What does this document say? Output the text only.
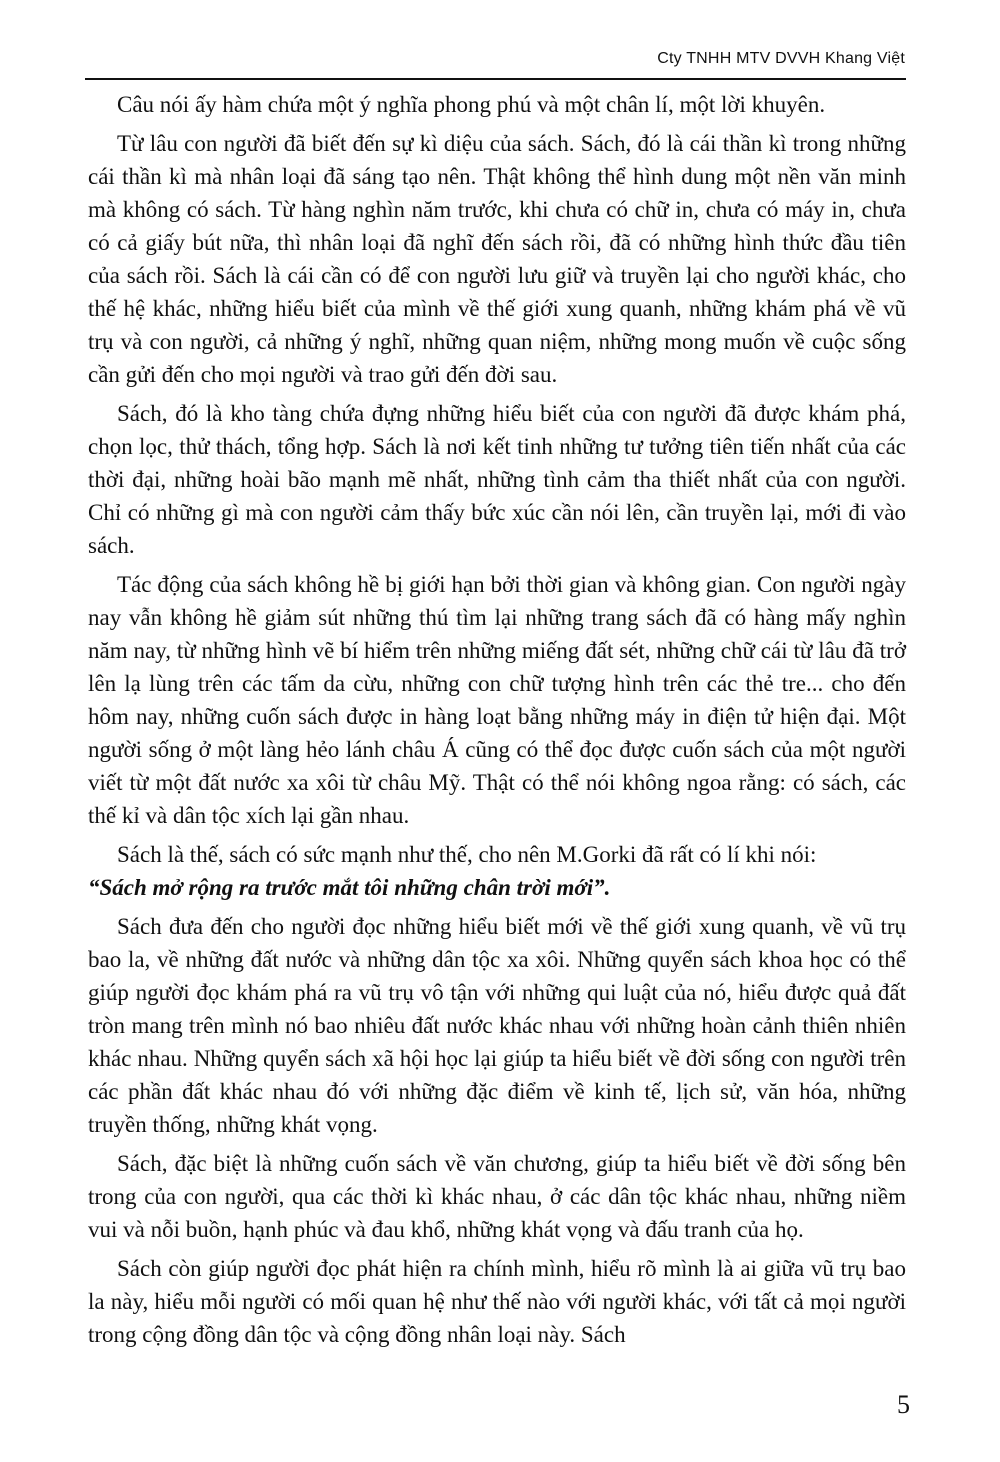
Cty TNHH MTV DVVH Khang Việt

Câu nói ấy hàm chứa một ý nghĩa phong phú và một chân lí, một lời khuyên.

Từ lâu con người đã biết đến sự kì diệu của sách. Sách, đó là cái thần kì trong những cái thần kì mà nhân loại đã sáng tạo nên. Thật không thể hình dung một nền văn minh mà không có sách. Từ hàng nghìn năm trước, khi chưa có chữ in, chưa có máy in, chưa có cả giấy bút nữa, thì nhân loại đã nghĩ đến sách rồi, đã có những hình thức đầu tiên của sách rồi. Sách là cái cần có để con người lưu giữ và truyền lại cho người khác, cho thế hệ khác, những hiểu biết của mình về thế giới xung quanh, những khám phá về vũ trụ và con người, cả những ý nghĩ, những quan niệm, những mong muốn về cuộc sống cần gửi đến cho mọi người và trao gửi đến đời sau.

Sách, đó là kho tàng chứa đựng những hiểu biết của con người đã được khám phá, chọn lọc, thử thách, tổng hợp. Sách là nơi kết tinh những tư tưởng tiên tiến nhất của các thời đại, những hoài bão mạnh mẽ nhất, những tình cảm tha thiết nhất của con người. Chỉ có những gì mà con người cảm thấy bức xúc cần nói lên, cần truyền lại, mới đi vào sách.

Tác động của sách không hề bị giới hạn bởi thời gian và không gian. Con người ngày nay vẫn không hề giảm sút những thú tìm lại những trang sách đã có hàng mấy nghìn năm nay, từ những hình vẽ bí hiểm trên những miếng đất sét, những chữ cái từ lâu đã trở lên lạ lùng trên các tấm da cừu, những con chữ tượng hình trên các thẻ tre... cho đến hôm nay, những cuốn sách được in hàng loạt bằng những máy in điện tử hiện đại. Một người sống ở một làng hẻo lánh châu Á cũng có thể đọc được cuốn sách của một người viết từ một đất nước xa xôi từ châu Mỹ. Thật có thể nói không ngoa rằng: có sách, các thế kỉ và dân tộc xích lại gần nhau.

Sách là thế, sách có sức mạnh như thế, cho nên M.Gorki đã rất có lí khi nói:

“Sách mở rộng ra trước mắt tôi những chân trời mới”.

Sách đưa đến cho người đọc những hiểu biết mới về thế giới xung quanh, về vũ trụ bao la, về những đất nước và những dân tộc xa xôi. Những quyển sách khoa học có thể giúp người đọc khám phá ra vũ trụ vô tận với những qui luật của nó, hiểu được quả đất tròn mang trên mình nó bao nhiêu đất nước khác nhau với những hoàn cảnh thiên nhiên khác nhau. Những quyển sách xã hội học lại giúp ta hiểu biết về đời sống con người trên các phần đất khác nhau đó với những đặc điểm về kinh tế, lịch sử, văn hóa, những truyền thống, những khát vọng.

Sách, đặc biệt là những cuốn sách về văn chương, giúp ta hiểu biết về đời sống bên trong của con người, qua các thời kì khác nhau, ở các dân tộc khác nhau, những niềm vui và nỗi buồn, hạnh phúc và đau khổ, những khát vọng và đấu tranh của họ.

Sách còn giúp người đọc phát hiện ra chính mình, hiểu rõ mình là ai giữa vũ trụ bao la này, hiểu mỗi người có mối quan hệ như thế nào với người khác, với tất cả mọi người trong cộng đồng dân tộc và cộng đồng nhân loại này. Sách

5
